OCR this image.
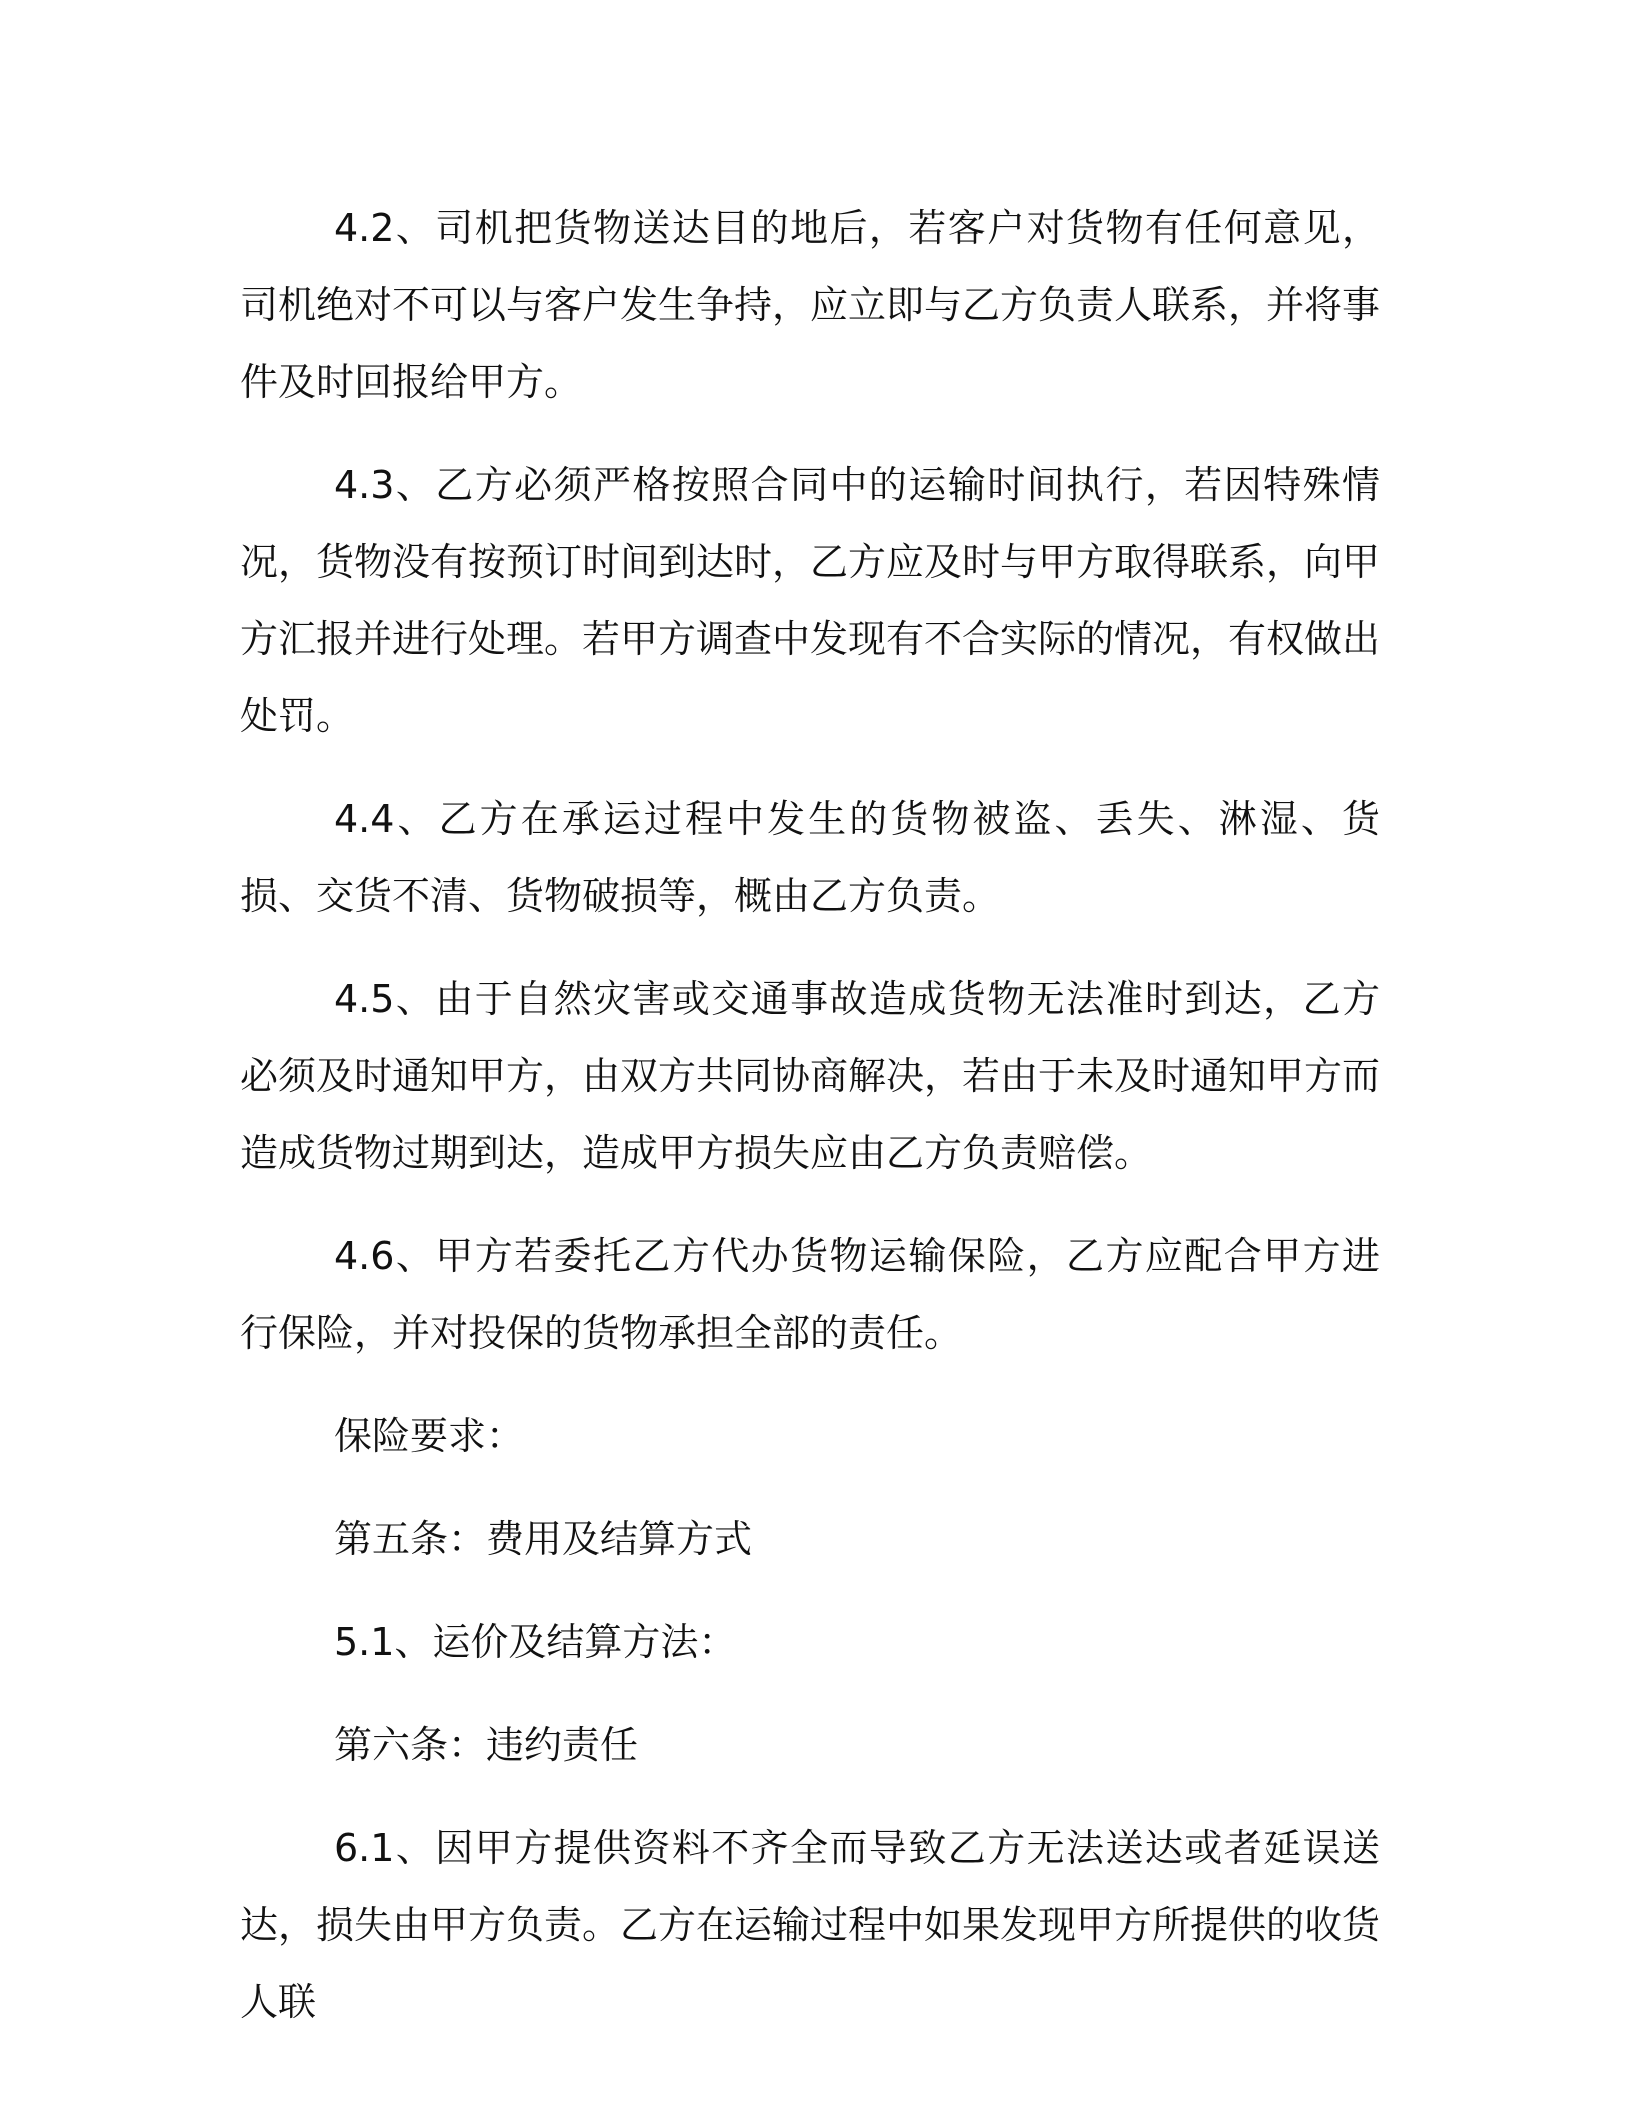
4.2、司机把货物送达目的地后，若客户对货物有任何意见，司机绝对不可以与客户发生争持，应立即与乙方负责人联系，并将事件及时回报给甲方。

4.3、乙方必须严格按照合同中的运输时间执行，若因特殊情况，货物没有按预订时间到达时，乙方应及时与甲方取得联系，向甲方汇报并进行处理。若甲方调查中发现有不合实际的情况，有权做出处罚。

4.4、乙方在承运过程中发生的货物被盗、丢失、淋湿、货损、交货不清、货物破损等，概由乙方负责。

4.5、由于自然灾害或交通事故造成货物无法准时到达，乙方必须及时通知甲方，由双方共同协商解决，若由于未及时通知甲方而造成货物过期到达，造成甲方损失应由乙方负责赔偿。

4.6、甲方若委托乙方代办货物运输保险，乙方应配合甲方进行保险，并对投保的货物承担全部的责任。

保险要求：

第五条：费用及结算方式

5.1、运价及结算方法：

第六条：违约责任

6.1、因甲方提供资料不齐全而导致乙方无法送达或者延误送达，损失由甲方负责。乙方在运输过程中如果发现甲方所提供的收货人联
